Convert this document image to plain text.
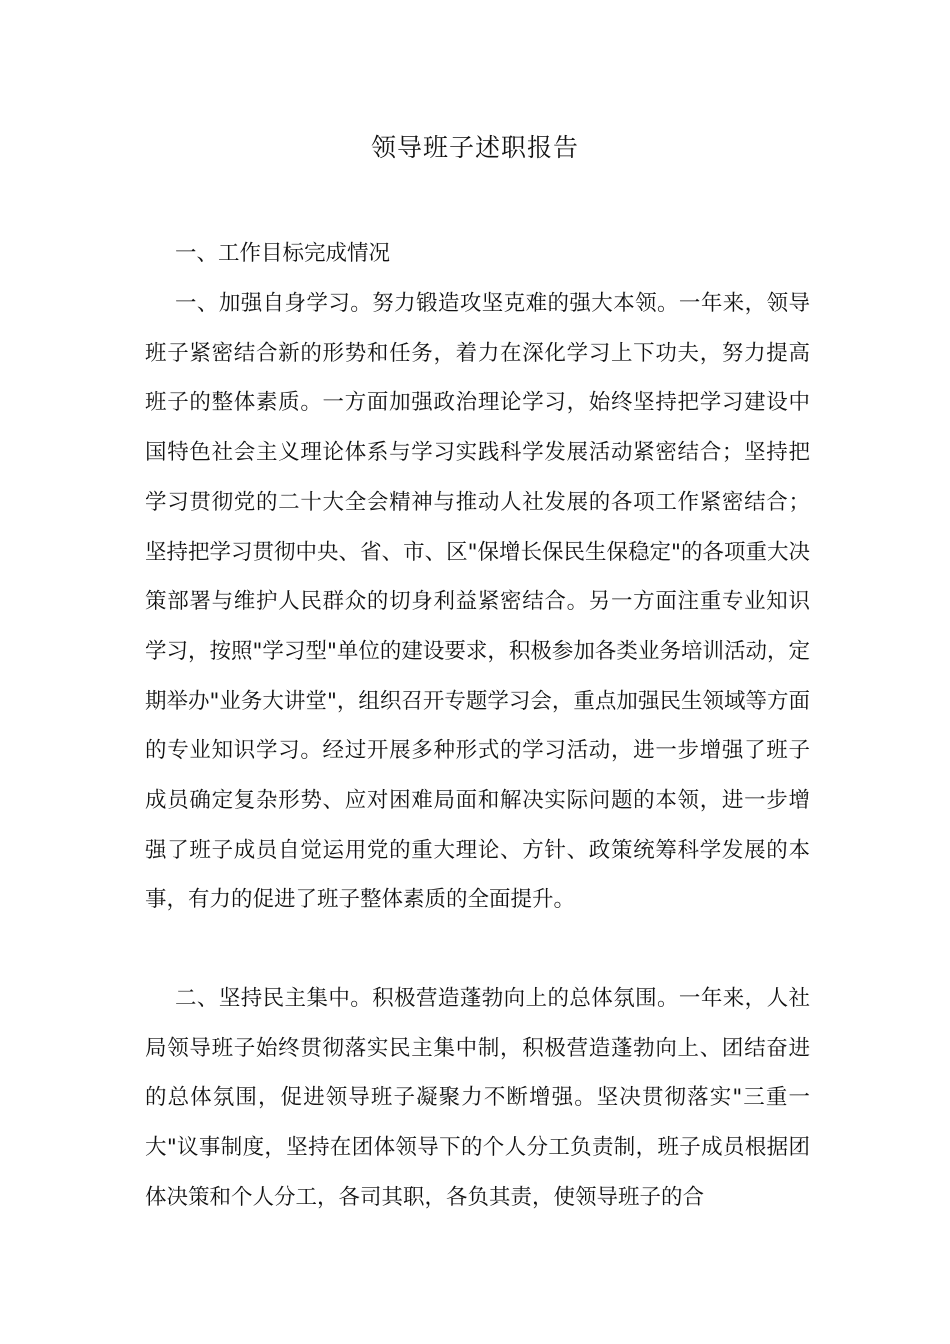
领导班子述职报告
一、工作目标完成情况

一、加强自身学习。努力锻造攻坚克难的强大本领。一年来，领导班子紧密结合新的形势和任务，着力在深化学习上下功夫，努力提高班子的整体素质。一方面加强政治理论学习，始终坚持把学习建设中国特色社会主义理论体系与学习实践科学发展活动紧密结合；坚持把学习贯彻党的二十大全会精神与推动人社发展的各项工作紧密结合；坚持把学习贯彻中央、省、市、区"保增长保民生保稳定"的各项重大决策部署与维护人民群众的切身利益紧密结合。另一方面注重专业知识学习，按照"学习型"单位的建设要求，积极参加各类业务培训活动，定期举办"业务大讲堂"，组织召开专题学习会，重点加强民生领域等方面的专业知识学习。经过开展多种形式的学习活动，进一步增强了班子成员确定复杂形势、应对困难局面和解决实际问题的本领，进一步增强了班子成员自觉运用党的重大理论、方针、政策统筹科学发展的本事，有力的促进了班子整体素质的全面提升。

二、坚持民主集中。积极营造蓬勃向上的总体氛围。一年来，人社局领导班子始终贯彻落实民主集中制，积极营造蓬勃向上、团结奋进的总体氛围，促进领导班子凝聚力不断增强。坚决贯彻落实"三重一大"议事制度，坚持在团体领导下的个人分工负责制，班子成员根据团体决策和个人分工，各司其职，各负其责，使领导班子的合
